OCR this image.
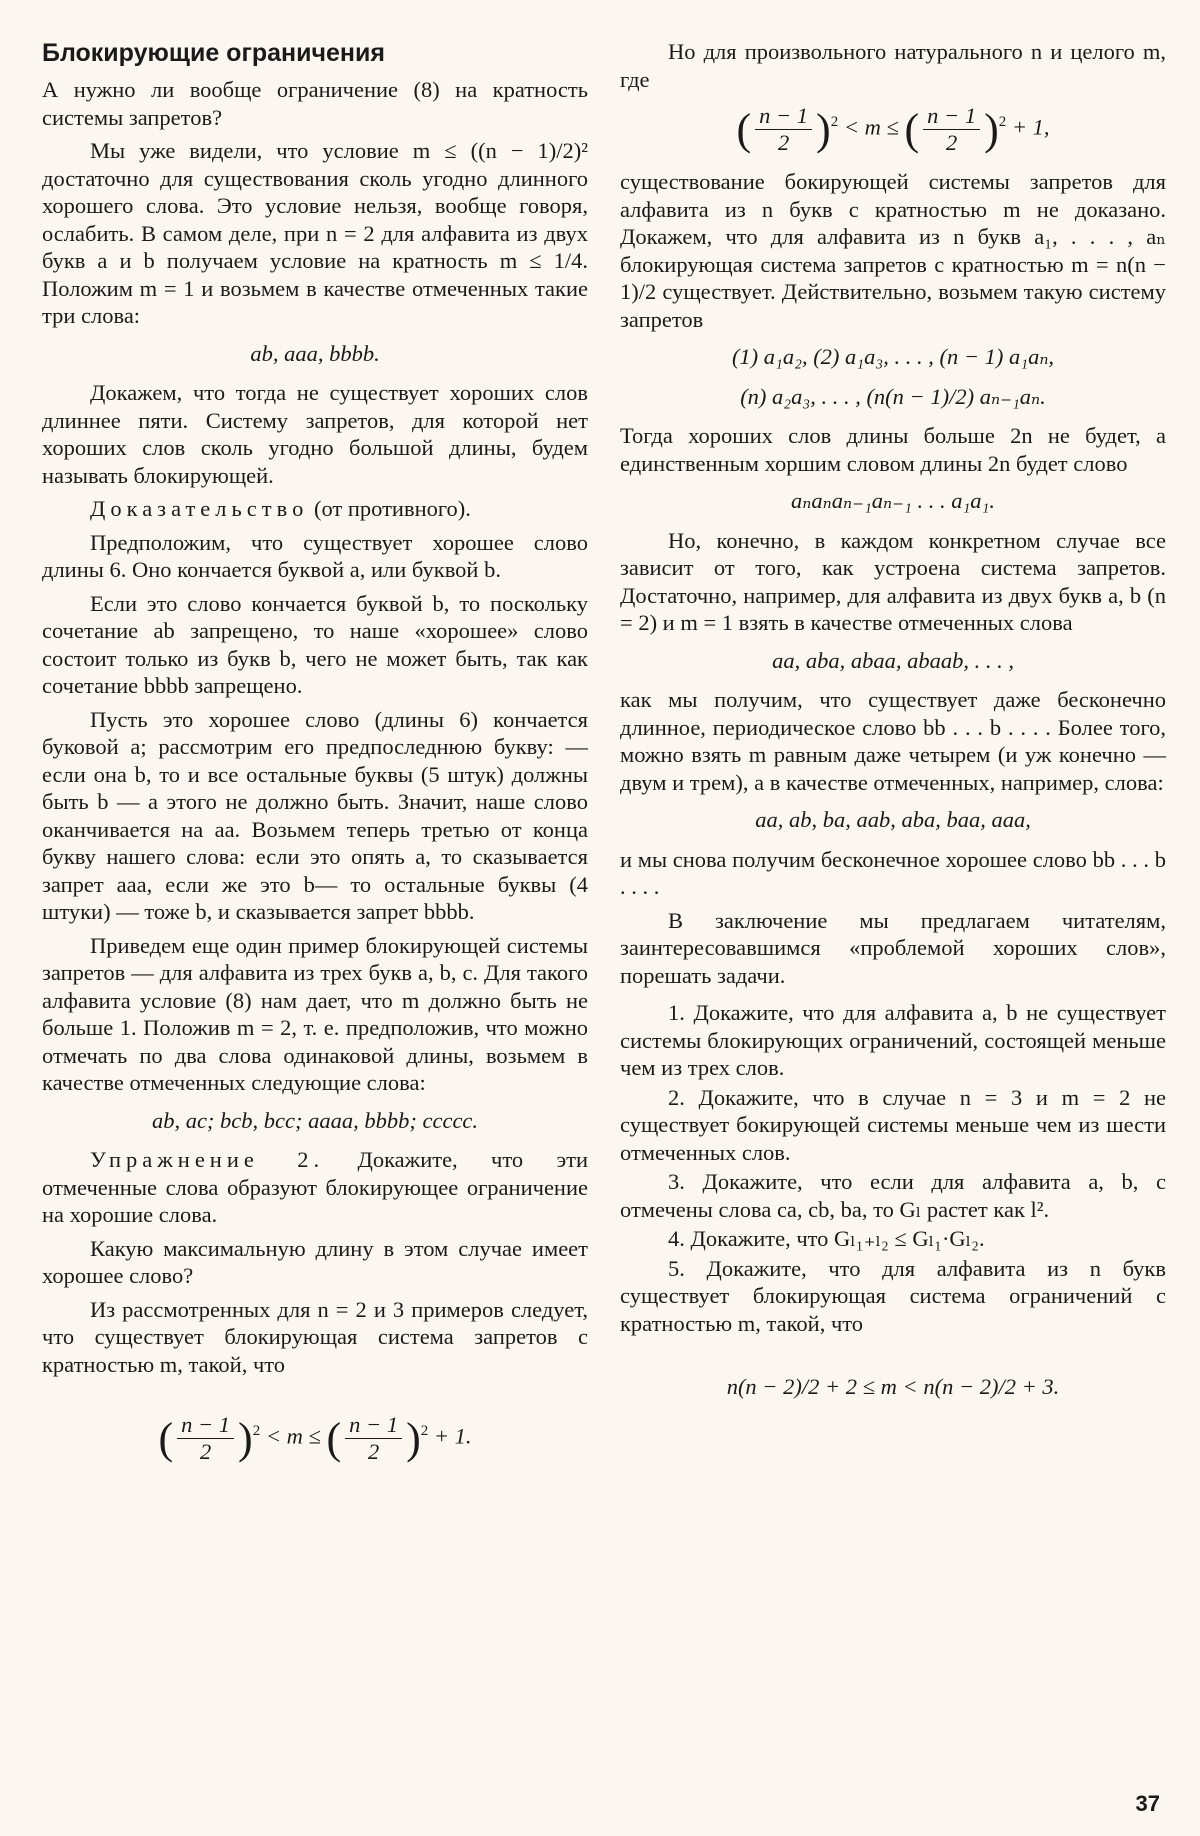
Блокирующие ограничения

А нужно ли вообще ограничение (8) на кратность системы запретов?

Мы уже видели, что условие m ≤ ((n − 1)/2)² достаточно для существования сколь угодно длинного хорошего слова. Это условие нельзя, вообще говоря, ослабить. В самом деле, при n = 2 для алфавита из двух букв a и b получаем условие на кратность m ≤ 1/4. Положим m = 1 и возьмем в качестве отмеченных такие три слова:

ab, aaa, bbbb.

Докажем, что тогда не существует хороших слов длиннее пяти. Систему запретов, для которой нет хороших слов сколь угодно большой длины, будем называть блокирующей.

Доказательство (от противного).

Предположим, что существует хорошее слово длины 6. Оно кончается буквой a, или буквой b.

Если это слово кончается буквой b, то поскольку сочетание ab запрещено, то наше «хорошее» слово состоит только из букв b, чего не может быть, так как сочетание bbbb запрещено.

Пусть это хорошее слово (длины 6) кончается буковой a; рассмотрим его предпоследнюю букву: — если она b, то и все остальные буквы (5 штук) должны быть b — а этого не должно быть. Значит, наше слово оканчивается на aa. Возьмем теперь третью от конца букву нашего слова: если это опять a, то сказывается запрет aaa, если же это b— то остальные буквы (4 штуки) — тоже b, и сказывается запрет bbbb.

Приведем еще один пример блокирующей системы запретов — для алфавита из трех букв a, b, c. Для такого алфавита условие (8) нам дает, что m должно быть не больше 1. Положив m = 2, т. е. предположив, что можно отмечать по два слова одинаковой длины, возьмем в качестве отмеченных следующие слова:

ab, ac; bcb, bcc; aaaa, bbbb; ccccc.

Упражнение 2. Докажите, что эти отмеченные слова образуют блокирующее ограничение на хорошие слова.

Какую максимальную длину в этом случае имеет хорошее слово?

Из рассмотренных для n = 2 и 3 примеров следует, что существует блокирующая система запретов с кратностью m, такой, что

( $\frac{n - 1}{2} )^2 < m$ ≤ ( $\frac{n - 1}{2} )^2 + 1$.

Но для произвольного натурального n и целого m, где

( $\frac{n - 1}{2} )^2 < m$ ≤ ( $\frac{n - 1}{2} )^2 + 1$,

существование бокирующей системы запретов для алфавита из n букв с кратностью m не доказано. Докажем, что для алфавита из n букв a₁, . . . , aₙ блокирующая система запретов с кратностью m = n(n − 1)/2 существует. Действительно, возьмем такую систему запретов

(1) a₁a₂, (2) a₁a₃, . . . , (n − 1) a₁aₙ,

(n) a₂a₃, . . . , (n(n − 1)/2) aₙ₋₁aₙ.

Тогда хороших слов длины больше 2n не будет, а единственным хоршим словом длины 2n будет слово

aₙaₙaₙ₋₁aₙ₋₁ . . . a₁a₁.

Но, конечно, в каждом конкретном случае все зависит от того, как устроена система запретов. Достаточно, например, для алфавита из двух букв a, b (n = 2) и m = 1 взять в качестве отмеченных слова

aa, aba, abaa, abaab, . . . ,

как мы получим, что существует даже бесконечно длинное, периодическое слово bb . . . b . . . . Более того, можно взять m равным даже четырем (и уж конечно — двум и трем), а в качестве отмеченных, например, слова:

aa, ab, ba, aab, aba, baa, aaa,

и мы снова получим бесконечное хорошее слово bb . . . b . . . .

В заключение мы предлагаем читателям, заинтересовавшимся «проблемой хороших слов», порешать задачи.

1. Докажите, что для алфавита a, b не существует системы блокирующих ограничений, состоящей меньше чем из трех слов.
2. Докажите, что в случае n = 3 и m = 2 не существует бокирующей системы меньше чем из шести отмеченных слов.
3. Докажите, что если для алфавита a, b, c отмечены слова ca, cb, ba, то Gₗ растет как l².
4. Докажите, что Gₗ₁₊ₗ₂ ≤ Gₗ₁·Gₗ₂.
5. Докажите, что для алфавита из n букв существует блокирующая система ограничений с кратностью m, такой, что

n(n − 2)/2 + 2 ≤ m < n(n − 2)/2 + 3.

37
